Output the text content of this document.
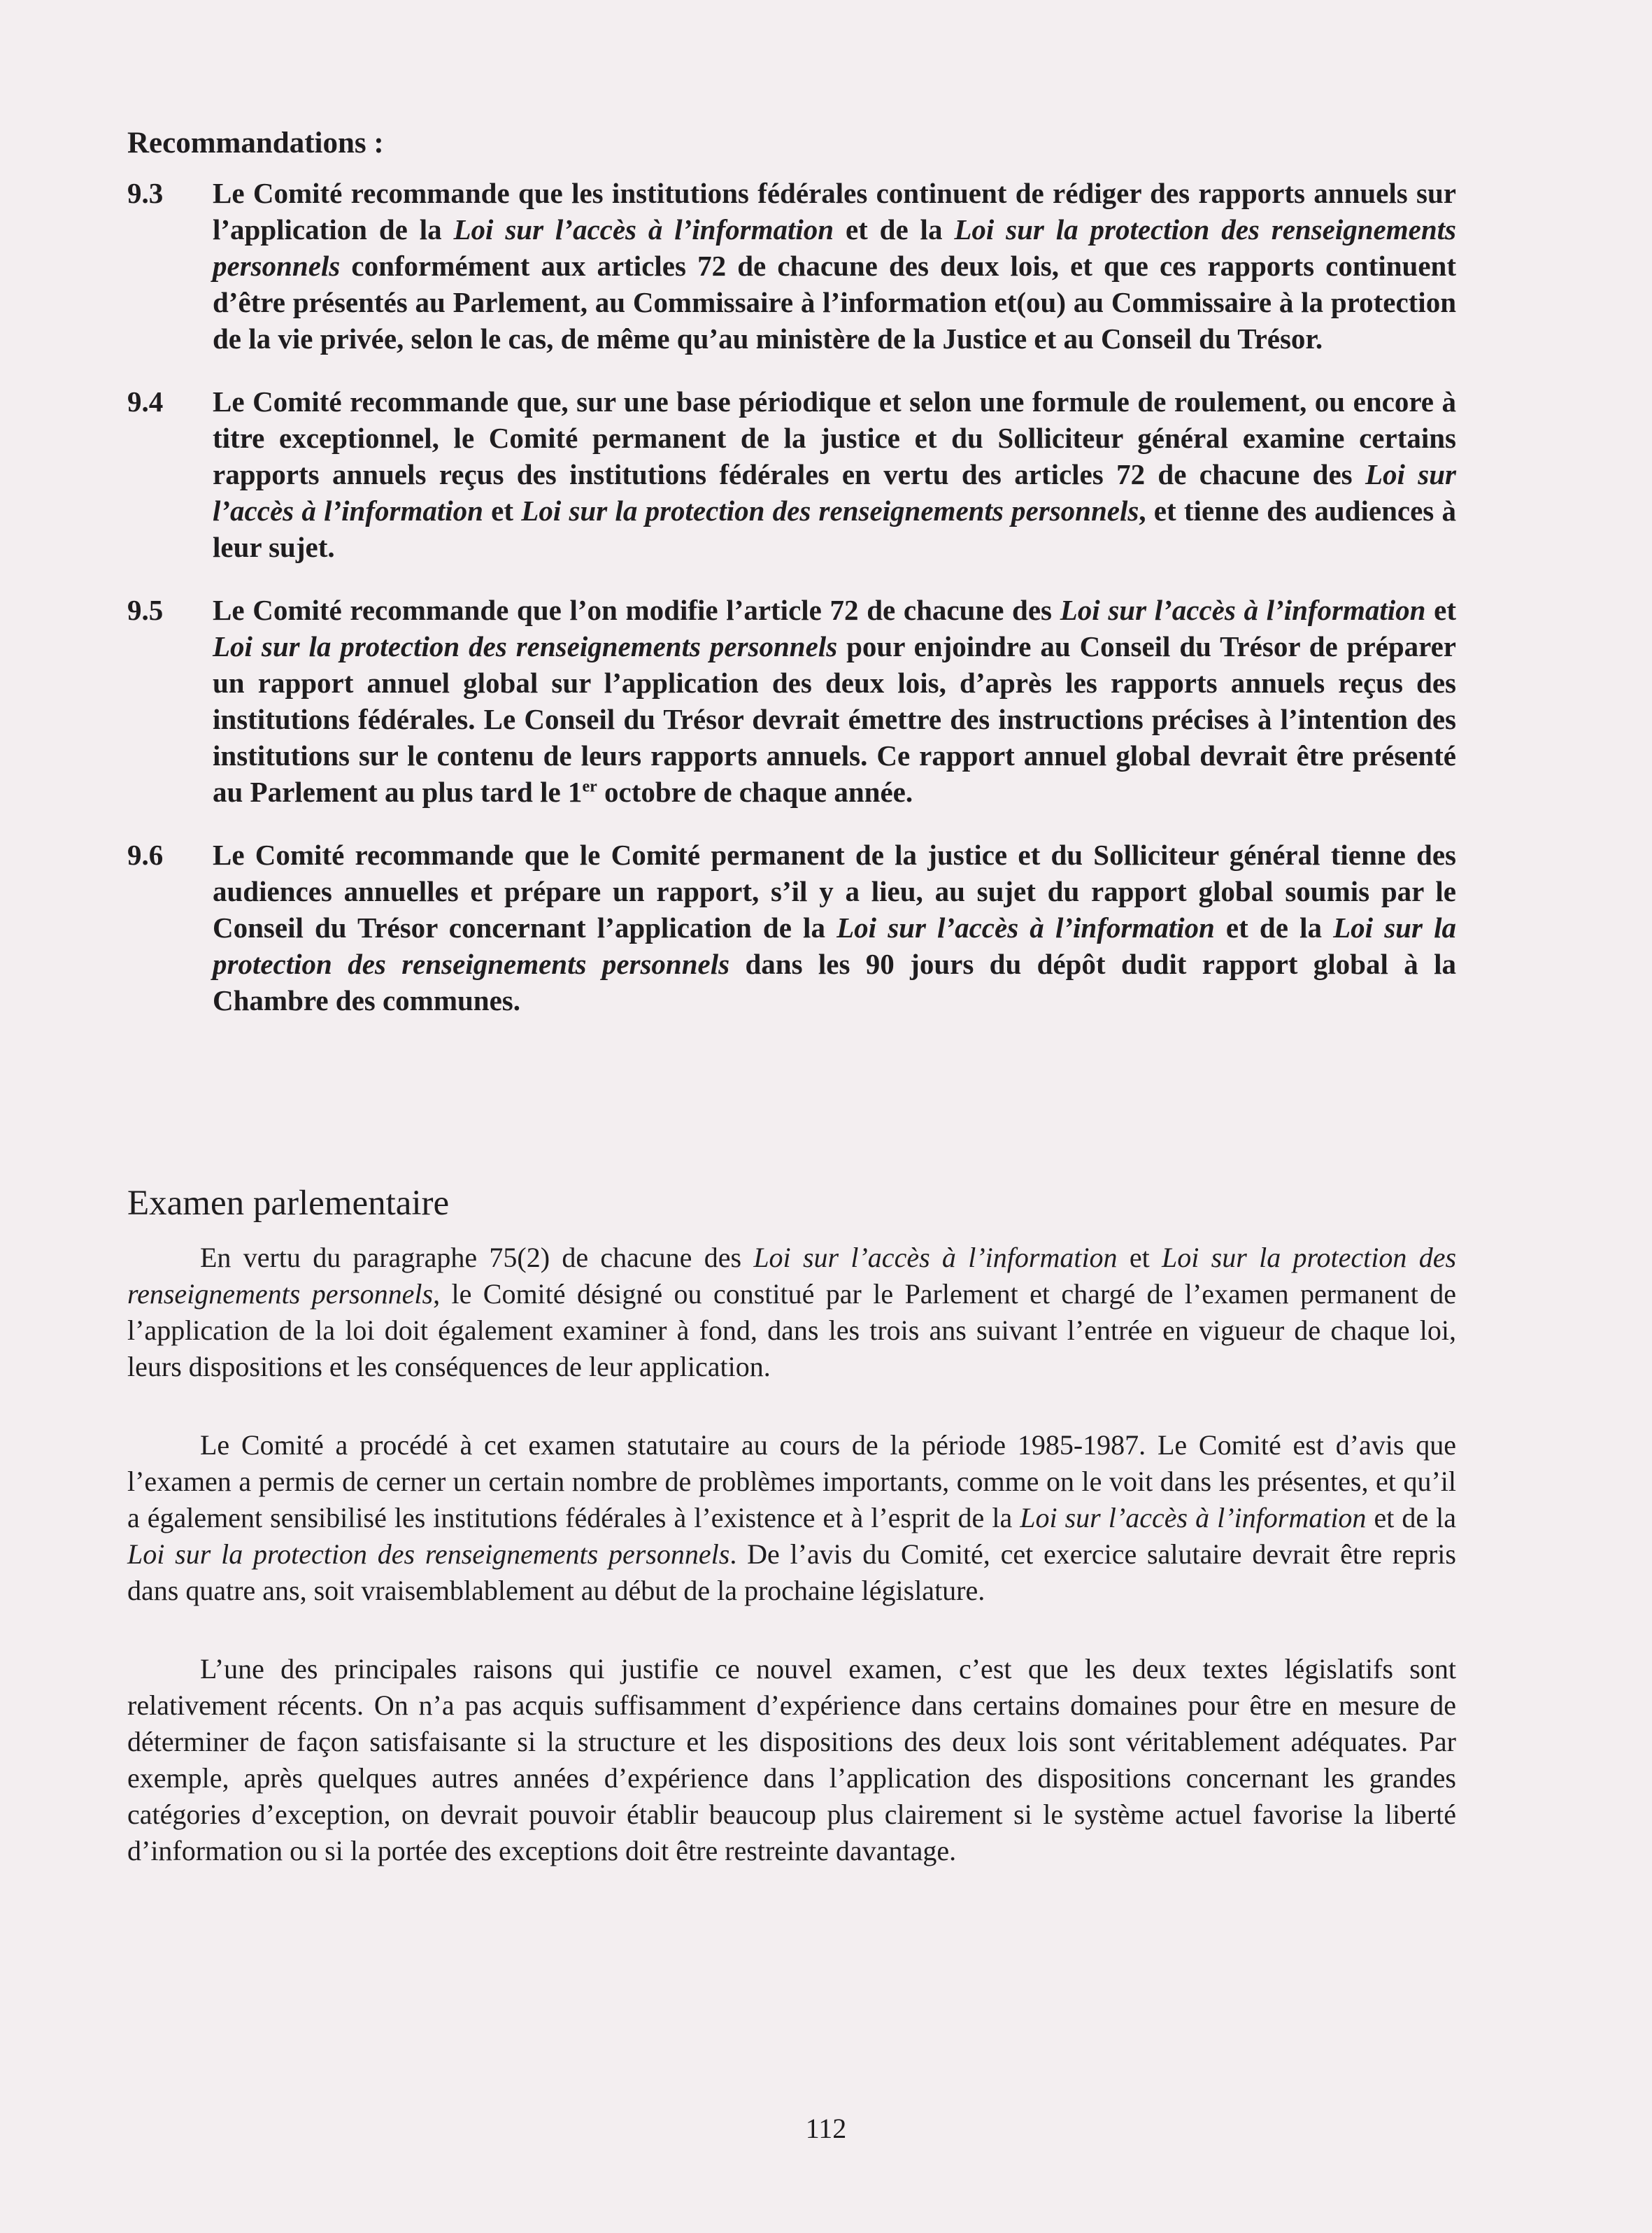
Recommandations :
9.3	Le Comité recommande que les institutions fédérales continuent de rédiger des rapports annuels sur l’application de la Loi sur l’accès à l’information et de la Loi sur la protection des renseignements personnels conformément aux articles 72 de chacune des deux lois, et que ces rapports continuent d’être présentés au Parlement, au Commissaire à l’information et(ou) au Commissaire à la protection de la vie privée, selon le cas, de même qu’au ministère de la Justice et au Conseil du Trésor.
9.4	Le Comité recommande que, sur une base périodique et selon une formule de roulement, ou encore à titre exceptionnel, le Comité permanent de la justice et du Solliciteur général examine certains rapports annuels reçus des institutions fédérales en vertu des articles 72 de chacune des Loi sur l’accès à l’information et Loi sur la protection des renseignements personnels, et tienne des audiences à leur sujet.
9.5	Le Comité recommande que l’on modifie l’article 72 de chacune des Loi sur l’accès à l’information et Loi sur la protection des renseignements personnels pour enjoindre au Conseil du Trésor de préparer un rapport annuel global sur l’application des deux lois, d’après les rapports annuels reçus des institutions fédérales. Le Conseil du Trésor devrait émettre des instructions précises à l’intention des institutions sur le contenu de leurs rapports annuels. Ce rapport annuel global devrait être présenté au Parlement au plus tard le 1er octobre de chaque année.
9.6	Le Comité recommande que le Comité permanent de la justice et du Solliciteur général tienne des audiences annuelles et prépare un rapport, s’il y a lieu, au sujet du rapport global soumis par le Conseil du Trésor concernant l’application de la Loi sur l’accès à l’information et de la Loi sur la protection des renseignements personnels dans les 90 jours du dépôt dudit rapport global à la Chambre des communes.
Examen parlementaire

En vertu du paragraphe 75(2) de chacune des Loi sur l’accès à l’information et Loi sur la protection des renseignements personnels, le Comité désigné ou constitué par le Parlement et chargé de l’examen permanent de l’application de la loi doit également examiner à fond, dans les trois ans suivant l’entrée en vigueur de chaque loi, leurs dispositions et les conséquences de leur application.

Le Comité a procédé à cet examen statutaire au cours de la période 1985-1987. Le Comité est d’avis que l’examen a permis de cerner un certain nombre de problèmes importants, comme on le voit dans les présentes, et qu’il a également sensibilisé les institutions fédérales à l’existence et à l’esprit de la Loi sur l’accès à l’information et de la Loi sur la protection des renseignements personnels. De l’avis du Comité, cet exercice salutaire devrait être repris dans quatre ans, soit vraisemblablement au début de la prochaine législature.

L’une des principales raisons qui justifie ce nouvel examen, c’est que les deux textes législatifs sont relativement récents. On n’a pas acquis suffisamment d’expérience dans certains domaines pour être en mesure de déterminer de façon satisfaisante si la structure et les dispositions des deux lois sont véritablement adéquates. Par exemple, après quelques autres années d’expérience dans l’application des dispositions concernant les grandes catégories d’exception, on devrait pouvoir établir beaucoup plus clairement si le système actuel favorise la liberté d’information ou si la portée des exceptions doit être restreinte davantage.

112
